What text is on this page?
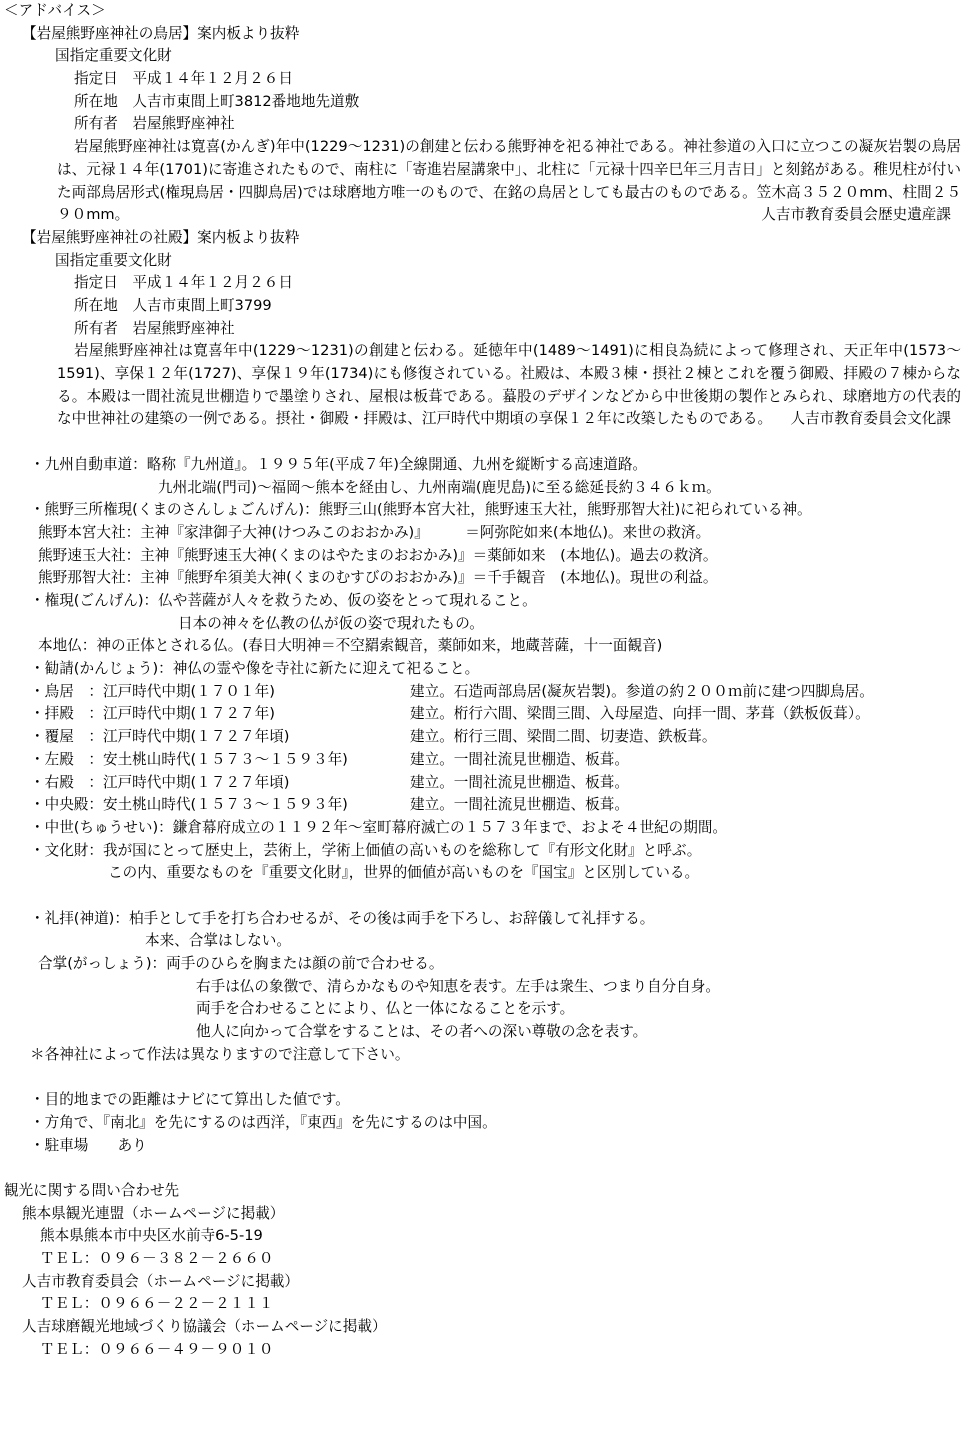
＜アドバイス＞
【岩屋熊野座神社の鳥居】案内板より抜粋
国指定重要文化財
指定日　平成１４年１２月２６日
所在地　人吉市東間上町3812番地地先道敷
所有者　岩屋熊野座神社
岩屋熊野座神社は寛喜(かんぎ)年中(1229～1231)の創建と伝わる熊野神を祀る神社である。神社参道の入口に立つこの凝灰岩製の鳥居は、元禄１４年(1701)に寄進されたもので、南柱に「寄進岩屋講衆中」、北柱に「元禄十四辛巳年三月吉日」と刻銘がある。稚児柱が付いた両部鳥居形式(権現鳥居・四脚鳥居)では球磨地方唯一のもので、在銘の鳥居としても最古のものである。笠木高３５２０mm、柱間２５９０mm。	人吉市教育委員会歴史遺産課
【岩屋熊野座神社の社殿】案内板より抜粋
国指定重要文化財
指定日　平成１４年１２月２６日
所在地　人吉市東間上町3799
所有者　岩屋熊野座神社
岩屋熊野座神社は寛喜年中(1229～1231)の創建と伝わる。延徳年中(1489～1491)に相良為続によって修理され、天正年中(1573～1591)、享保１２年(1727)、享保１９年(1734)にも修復されている。社殿は、本殿３棟・摂社２棟とこれを覆う御殿、拝殿の７棟からなる。本殿は一間社流見世棚造りで墨塗りされ、屋根は板葺である。蟇股のデザインなどから中世後期の製作とみられ、球磨地方の代表的な中世神社の建築の一例である。摂社・御殿・拝殿は、江戸時代中期頃の享保１２年に改築したものである。	人吉市教育委員会文化課
・九州自動車道：略称『九州道』。１９９５年(平成７年)全線開通、九州を縦断する高速道路。
九州北端(門司)～福岡～熊本を経由し、九州南端(鹿児島)に至る総延長約３４６ｋｍ。
・熊野三所権現(くまのさんしょごんげん)：熊野三山(熊野本宮大社，熊野速玉大社，熊野那智大社)に祀られている神。
熊野本宮大社：主神『家津御子大神(けつみこのおおかみ)』　　　＝阿弥陀如来(本地仏)。来世の救済。
熊野速玉大社：主神『熊野速玉大神(くまのはやたまのおおかみ)』＝薬師如来　(本地仏)。過去の救済。
熊野那智大社：主神『熊野牟須美大神(くまのむすびのおおかみ)』＝千手観音　(本地仏)。現世の利益。
・権現(ごんげん)：仏や菩薩が人々を救うため、仮の姿をとって現れること。
日本の神々を仏教の仏が仮の姿で現れたもの。
本地仏：神の正体とされる仏。(春日大明神＝不空羂索観音，薬師如来，地蔵菩薩，十一面観音)
・勧請(かんじょう)：神仏の霊や像を寺社に新たに迎えて祀ること。
・鳥居　：江戸時代中期(１７０１年)	建立。石造両部鳥居(凝灰岩製)。参道の約２００ｍ前に建つ四脚鳥居。
・拝殿　：江戸時代中期(１７２７年)	建立。桁行六間、梁間三間、入母屋造、向拝一間、茅葺（鉄板仮葺）。
・覆屋　：江戸時代中期(１７２７年頃)	建立。桁行三間、梁間二間、切妻造、鉄板葺。
・左殿　：安土桃山時代(１５７３～１５９３年)	建立。一間社流見世棚造、板葺。
・右殿　：江戸時代中期(１７２７年頃)	建立。一間社流見世棚造、板葺。
・中央殿：安土桃山時代(１５７３～１５９３年)	建立。一間社流見世棚造、板葺。
・中世(ちゅうせい)：鎌倉幕府成立の１１９２年～室町幕府滅亡の１５７３年まで、およそ４世紀の期間。
・文化財：我が国にとって歴史上，芸術上，学術上価値の高いものを総称して『有形文化財』と呼ぶ。
この内、重要なものを『重要文化財』，世界的価値が高いものを『国宝』と区別している。
・礼拝(神道)：柏手として手を打ち合わせるが、その後は両手を下ろし、お辞儀して礼拝する。
本来、合掌はしない。
合掌(がっしょう)：両手のひらを胸または顔の前で合わせる。
右手は仏の象徴で、清らかなものや知恵を表す。左手は衆生、つまり自分自身。
両手を合わせることにより、仏と一体になることを示す。
他人に向かって合掌をすることは、その者への深い尊敬の念を表す。
＊各神社によって作法は異なりますので注意して下さい。
・目的地までの距離はナビにて算出した値です。
・方角で、『南北』を先にするのは西洋，『東西』を先にするのは中国。
・駐車場　　あり
観光に関する問い合わせ先
熊本県観光連盟（ホームページに掲載）
熊本県熊本市中央区水前寺6-5-19
ＴＥＬ：０９６－３８２－２６６０
人吉市教育委員会（ホームページに掲載）
ＴＥＬ：０９６６－２２－２１１１
人吉球磨観光地域づくり協議会（ホームページに掲載）
ＴＥＬ：０９６６－４９－９０１０
